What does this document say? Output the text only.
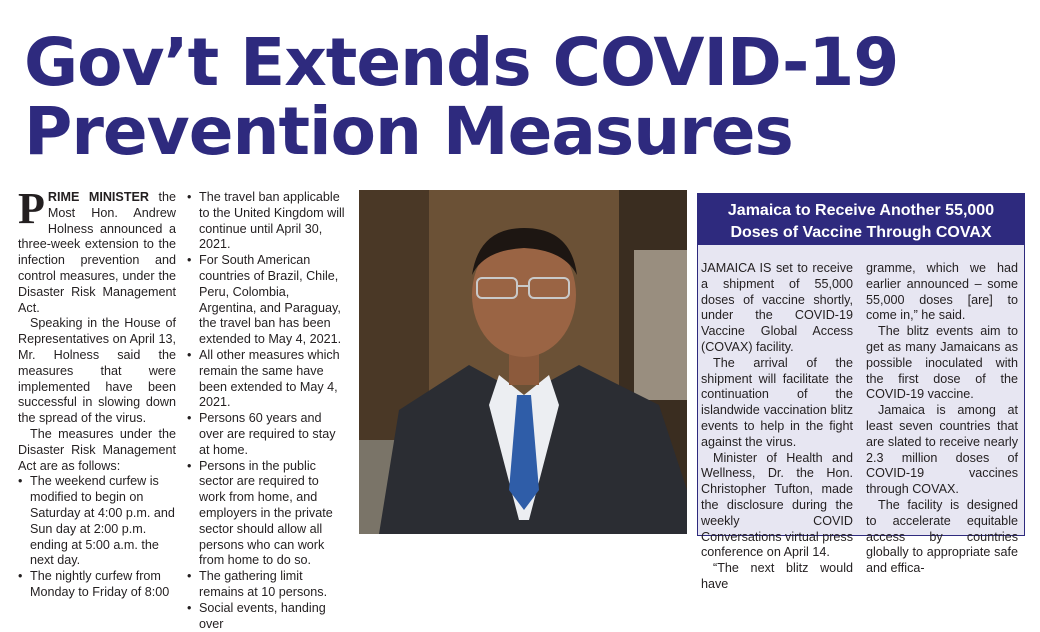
Gov’t Extends COVID-19
Prevention Measures

PRIME MINISTER the Most Hon. Andrew Holness announced a three-week extension to the infection prevention and control measures, under the Disaster Risk Management Act.

Speaking in the House of Representatives on April 13, Mr. Holness said the measures that were implemented have been successful in slowing down the spread of the virus.

The measures under the Disaster Risk Management Act are as follows:

• The weekend curfew is modified to begin on Saturday at 4:00 p.m. and Sun day at 2:00 p.m. ending at 5:00 a.m. the next day.
• The nightly curfew from Monday to Friday of 8:00
• The travel ban applicable to the United Kingdom will continue until April 30, 2021.
• For South American countries of Brazil, Chile, Peru, Colombia, Argentina, and Paraguay, the travel ban has been extended to May 4, 2021.
• All other measures which remain the same have been extended to May 4, 2021.
• Persons 60 years and over are required to stay at home.
• Persons in the public sector are required to work from home, and employers in the private sector should allow all persons who can work from home to do so.
• The gathering limit remains at 10 persons.
• Social events, handing over
Jamaica to Receive Another 55,000
Doses of Vaccine Through COVAX

JAMAICA IS set to receive a shipment of 55,000 doses of vaccine shortly, under the COVID-19 Vaccine Global Access (COVAX) facility.

The arrival of the shipment will facilitate the continuation of the islandwide vaccination blitz events to help in the fight against the virus.

Minister of Health and Wellness, Dr. the Hon. Christopher Tufton, made the disclosure during the weekly COVID Conversations virtual press conference on April 14.

“The next blitz would have

gramme, which we had earlier announced – some 55,000 doses [are] to come in,” he said.

The blitz events aim to get as many Jamaicans as possible inoculated with the first dose of the COVID-19 vaccine.

Jamaica is among at least seven countries that are slated to receive nearly 2.3 million doses of COVID-19 vaccines through COVAX.

The facility is designed to accelerate equitable access by countries globally to appropriate safe and effica-
